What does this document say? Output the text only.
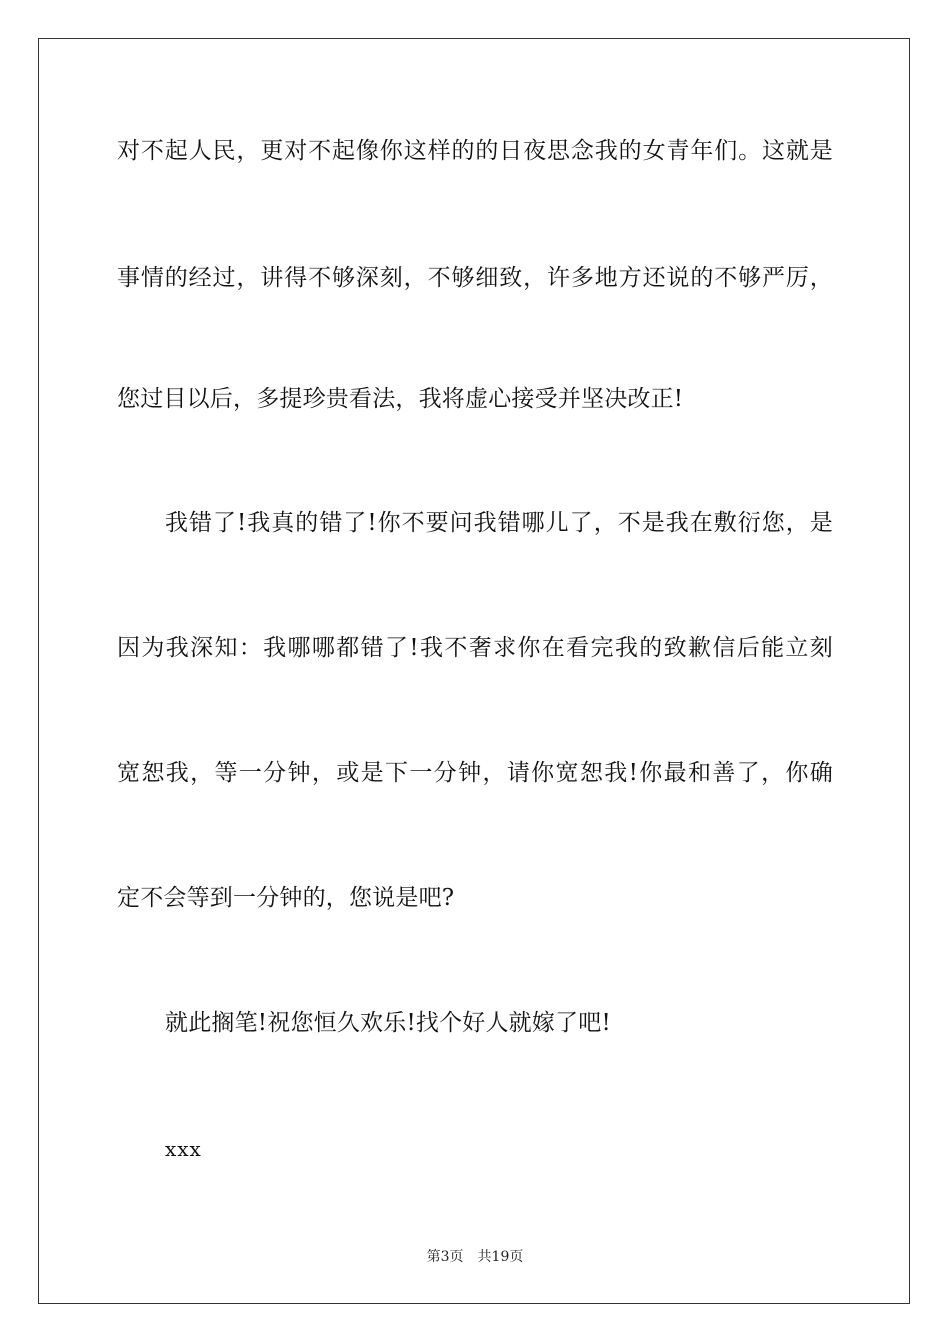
对不起人民，更对不起像你这样的的日夜思念我的女青年们。这就是
事情的经过，讲得不够深刻，不够细致，许多地方还说的不够严厉，
您过目以后，多提珍贵看法，我将虚心接受并坚决改正!
我错了!我真的错了!你不要问我错哪儿了，不是我在敷衍您，是
因为我深知：我哪哪都错了!我不奢求你在看完我的致歉信后能立刻
宽恕我，等一分钟，或是下一分钟，请你宽恕我!你最和善了，你确
定不会等到一分钟的，您说是吧?
就此搁笔!祝您恒久欢乐!找个好人就嫁了吧!
xxx
第3页 共19页
